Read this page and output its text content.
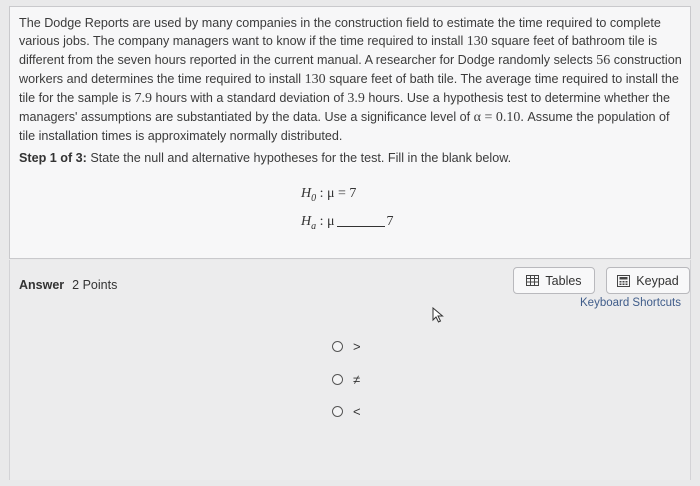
The Dodge Reports are used by many companies in the construction field to estimate the time required to complete various jobs. The company managers want to know if the time required to install 130 square feet of bathroom tile is different from the seven hours reported in the current manual. A researcher for Dodge randomly selects 56 construction workers and determines the time required to install 130 square feet of bath tile. The average time required to install the tile for the sample is 7.9 hours with a standard deviation of 3.9 hours. Use a hypothesis test to determine whether the managers' assumptions are substantiated by the data. Use a significance level of α = 0.10. Assume the population of tile installation times is approximately normally distributed.
Step 1 of 3: State the null and alternative hypotheses for the test. Fill in the blank below.
$H_0$ : μ = 7
$H_a$ : μ	7
Answer 2 Points	Tables	Keypad
Keyboard Shortcuts
>
≠
<
